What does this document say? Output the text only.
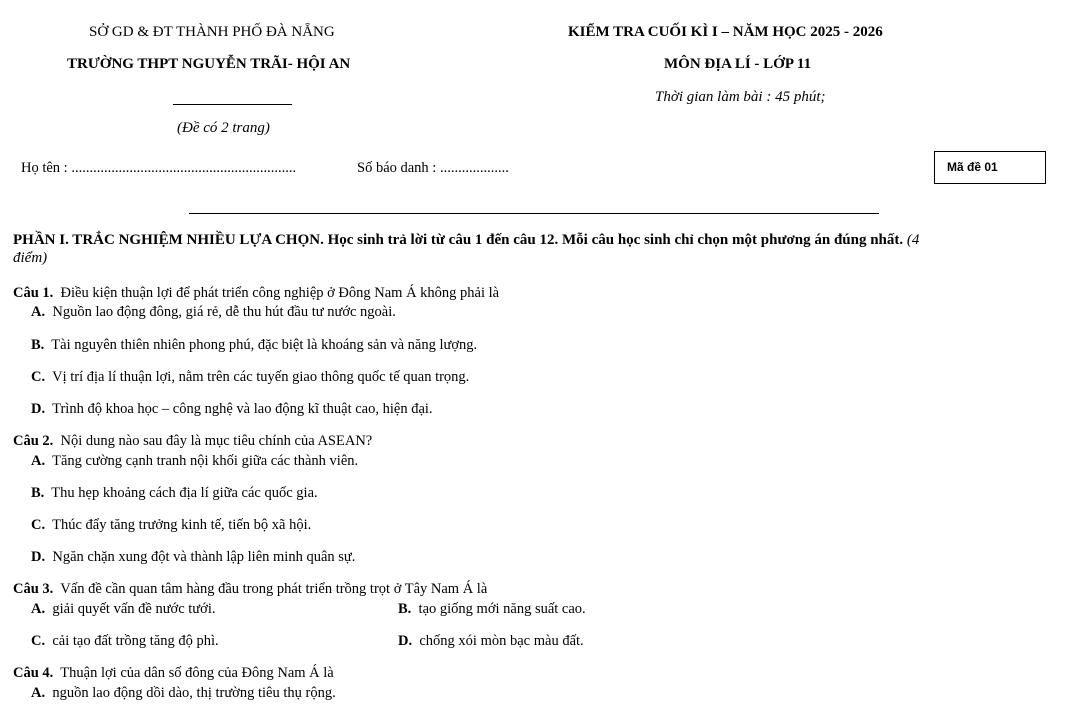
SỞ GD & ĐT THÀNH PHỐ ĐÀ NẴNG
TRƯỜNG THPT NGUYỄN TRÃI- HỘI AN
(Đề có 2 trang)
KIỂM TRA CUỐI KÌ I – NĂM HỌC 2025 - 2026
MÔN ĐỊA LÍ - LỚP 11
Thời gian làm bài : 45 phút;
Họ tên : ..............................................................	Số báo danh : ...................	Mã đề 01
PHẦN I. TRẮC NGHIỆM NHIỀU LỰA CHỌN. Học sinh trả lời từ câu 1 đến câu 12. Mỗi câu học sinh chỉ chọn một phương án đúng nhất. (4
điểm)
Câu 1. Điều kiện thuận lợi để phát triển công nghiệp ở Đông Nam Á không phải là
A. Nguồn lao động đông, giá rẻ, dễ thu hút đầu tư nước ngoài.
B. Tài nguyên thiên nhiên phong phú, đặc biệt là khoáng sản và năng lượng.
C. Vị trí địa lí thuận lợi, nằm trên các tuyến giao thông quốc tế quan trọng.
D. Trình độ khoa học – công nghệ và lao động kĩ thuật cao, hiện đại.
Câu 2. Nội dung nào sau đây là mục tiêu chính của ASEAN?
A. Tăng cường cạnh tranh nội khối giữa các thành viên.
B. Thu hẹp khoảng cách địa lí giữa các quốc gia.
C. Thúc đẩy tăng trưởng kinh tế, tiến bộ xã hội.
D. Ngăn chặn xung đột và thành lập liên minh quân sự.
Câu 3. Vấn đề cần quan tâm hàng đầu trong phát triển trồng trọt ở Tây Nam Á là
A. giải quyết vấn đề nước tưới.	B. tạo giống mới năng suất cao.
C. cải tạo đất trồng tăng độ phì.	D. chống xói mòn bạc màu đất.
Câu 4. Thuận lợi của dân số đông của Đông Nam Á là
A. nguồn lao động dồi dào, thị trường tiêu thụ rộng.
